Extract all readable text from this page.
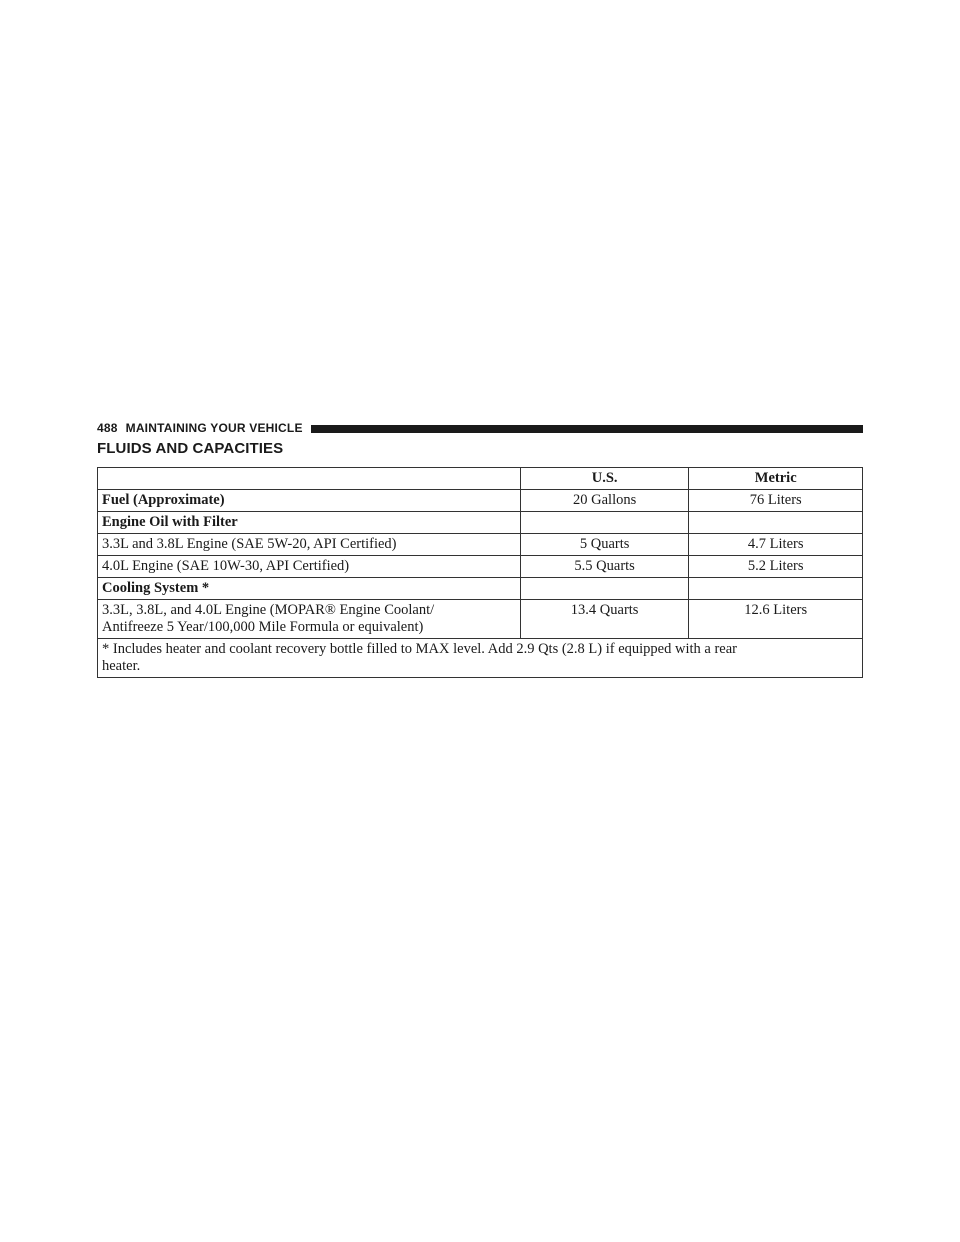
488 MAINTAINING YOUR VEHICLE
FLUIDS AND CAPACITIES
	U.S.	Metric
Fuel (Approximate)	20 Gallons	76 Liters
Engine Oil with Filter		
3.3L and 3.8L Engine (SAE 5W-20, API Certified)	5 Quarts	4.7 Liters
4.0L Engine (SAE 10W-30, API Certified)	5.5 Quarts	5.2 Liters
Cooling System *		
3.3L, 3.8L, and 4.0L Engine (MOPAR® Engine Coolant/
Antifreeze 5 Year/100,000 Mile Formula or equivalent)	13.4 Quarts	12.6 Liters
* Includes heater and coolant recovery bottle filled to MAX level. Add 2.9 Qts (2.8 L) if equipped with a rear
heater.		
